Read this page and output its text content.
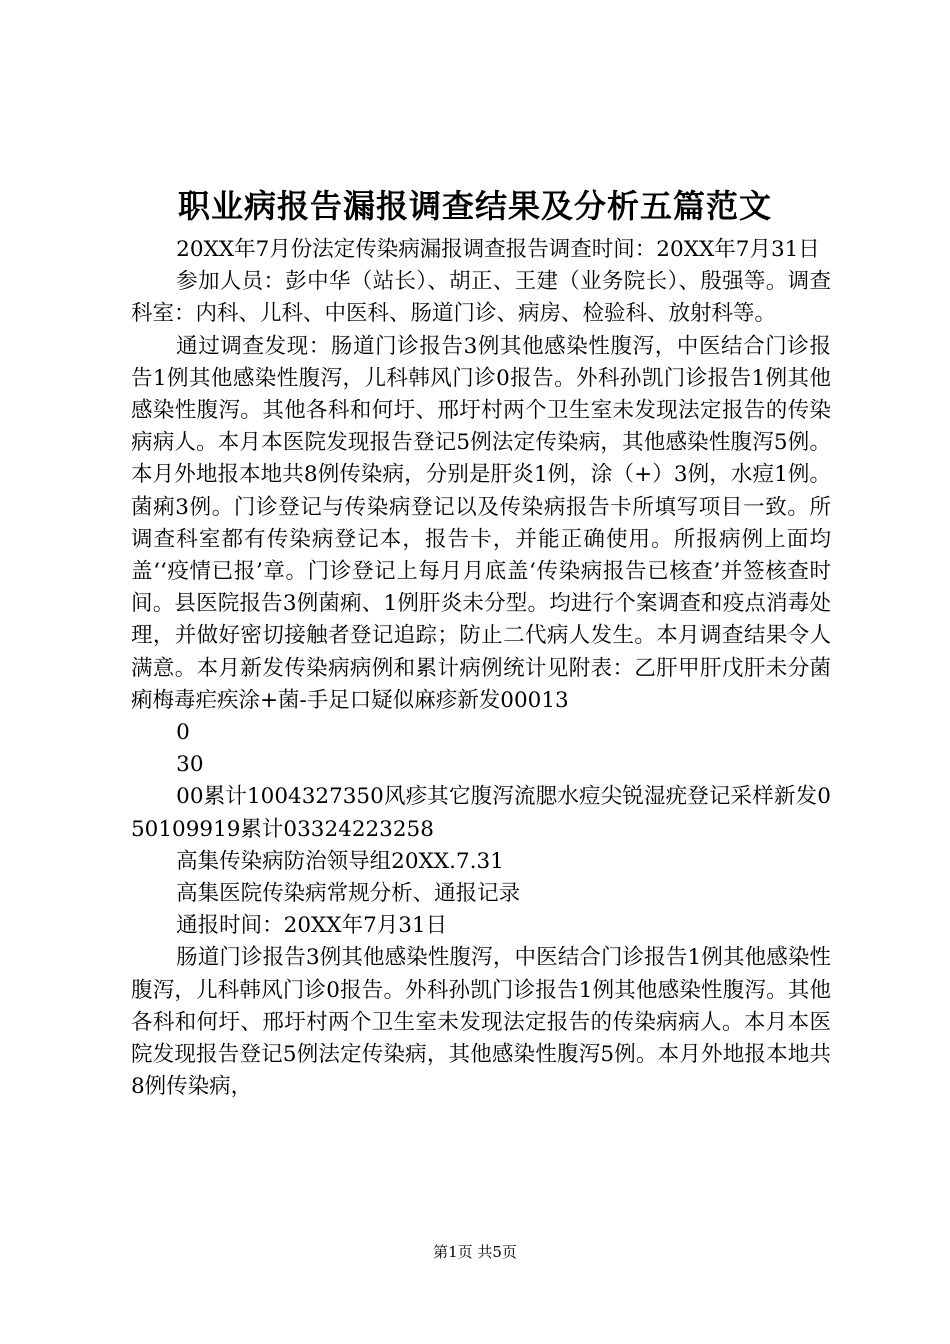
职业病报告漏报调查结果及分析五篇范文

20XX年7月份法定传染病漏报调查报告调查时间：20XX年7月31日

参加人员：彭中华（站长）、胡正、王建（业务院长）、殷强等。调查科室：内科、儿科、中医科、肠道门诊、病房、检验科、放射科等。

通过调查发现：肠道门诊报告3例其他感染性腹泻，中医结合门诊报告1例其他感染性腹泻，儿科韩风门诊0报告。外科孙凯门诊报告1例其他感染性腹泻。其他各科和何圩、邢圩村两个卫生室未发现法定报告的传染病病人。本月本医院发现报告登记5例法定传染病，其他感染性腹泻5例。本月外地报本地共8例传染病，分别是肝炎1例，涂（+）3例，水痘1例。菌痢3例。门诊登记与传染病登记以及传染病报告卡所填写项目一致。所调查科室都有传染病登记本，报告卡，并能正确使用。所报病例上面均盖‘‘疫情已报’章。门诊登记上每月月底盖‘传染病报告已核查’并签核查时间。县医院报告3例菌痢、1例肝炎未分型。均进行个案调查和疫点消毒处理，并做好密切接触者登记追踪；防止二代病人发生。本月调查结果令人满意。本月新发传染病病例和累计病例统计见附表：乙肝甲肝戊肝未分菌痢梅毒疟疾涂+菌-手足口疑似麻疹新发00013

0

30

00累计1004327350风疹其它腹泻流腮水痘尖锐湿疣登记采样新发050109919累计03324223258

高集传染病防治领导组20XX.7.31

高集医院传染病常规分析、通报记录

通报时间：20XX年7月31日

肠道门诊报告3例其他感染性腹泻，中医结合门诊报告1例其他感染性腹泻，儿科韩风门诊0报告。外科孙凯门诊报告1例其他感染性腹泻。其他各科和何圩、邢圩村两个卫生室未发现法定报告的传染病病人。本月本医院发现报告登记5例法定传染病，其他感染性腹泻5例。本月外地报本地共8例传染病，

第1页 共5页
